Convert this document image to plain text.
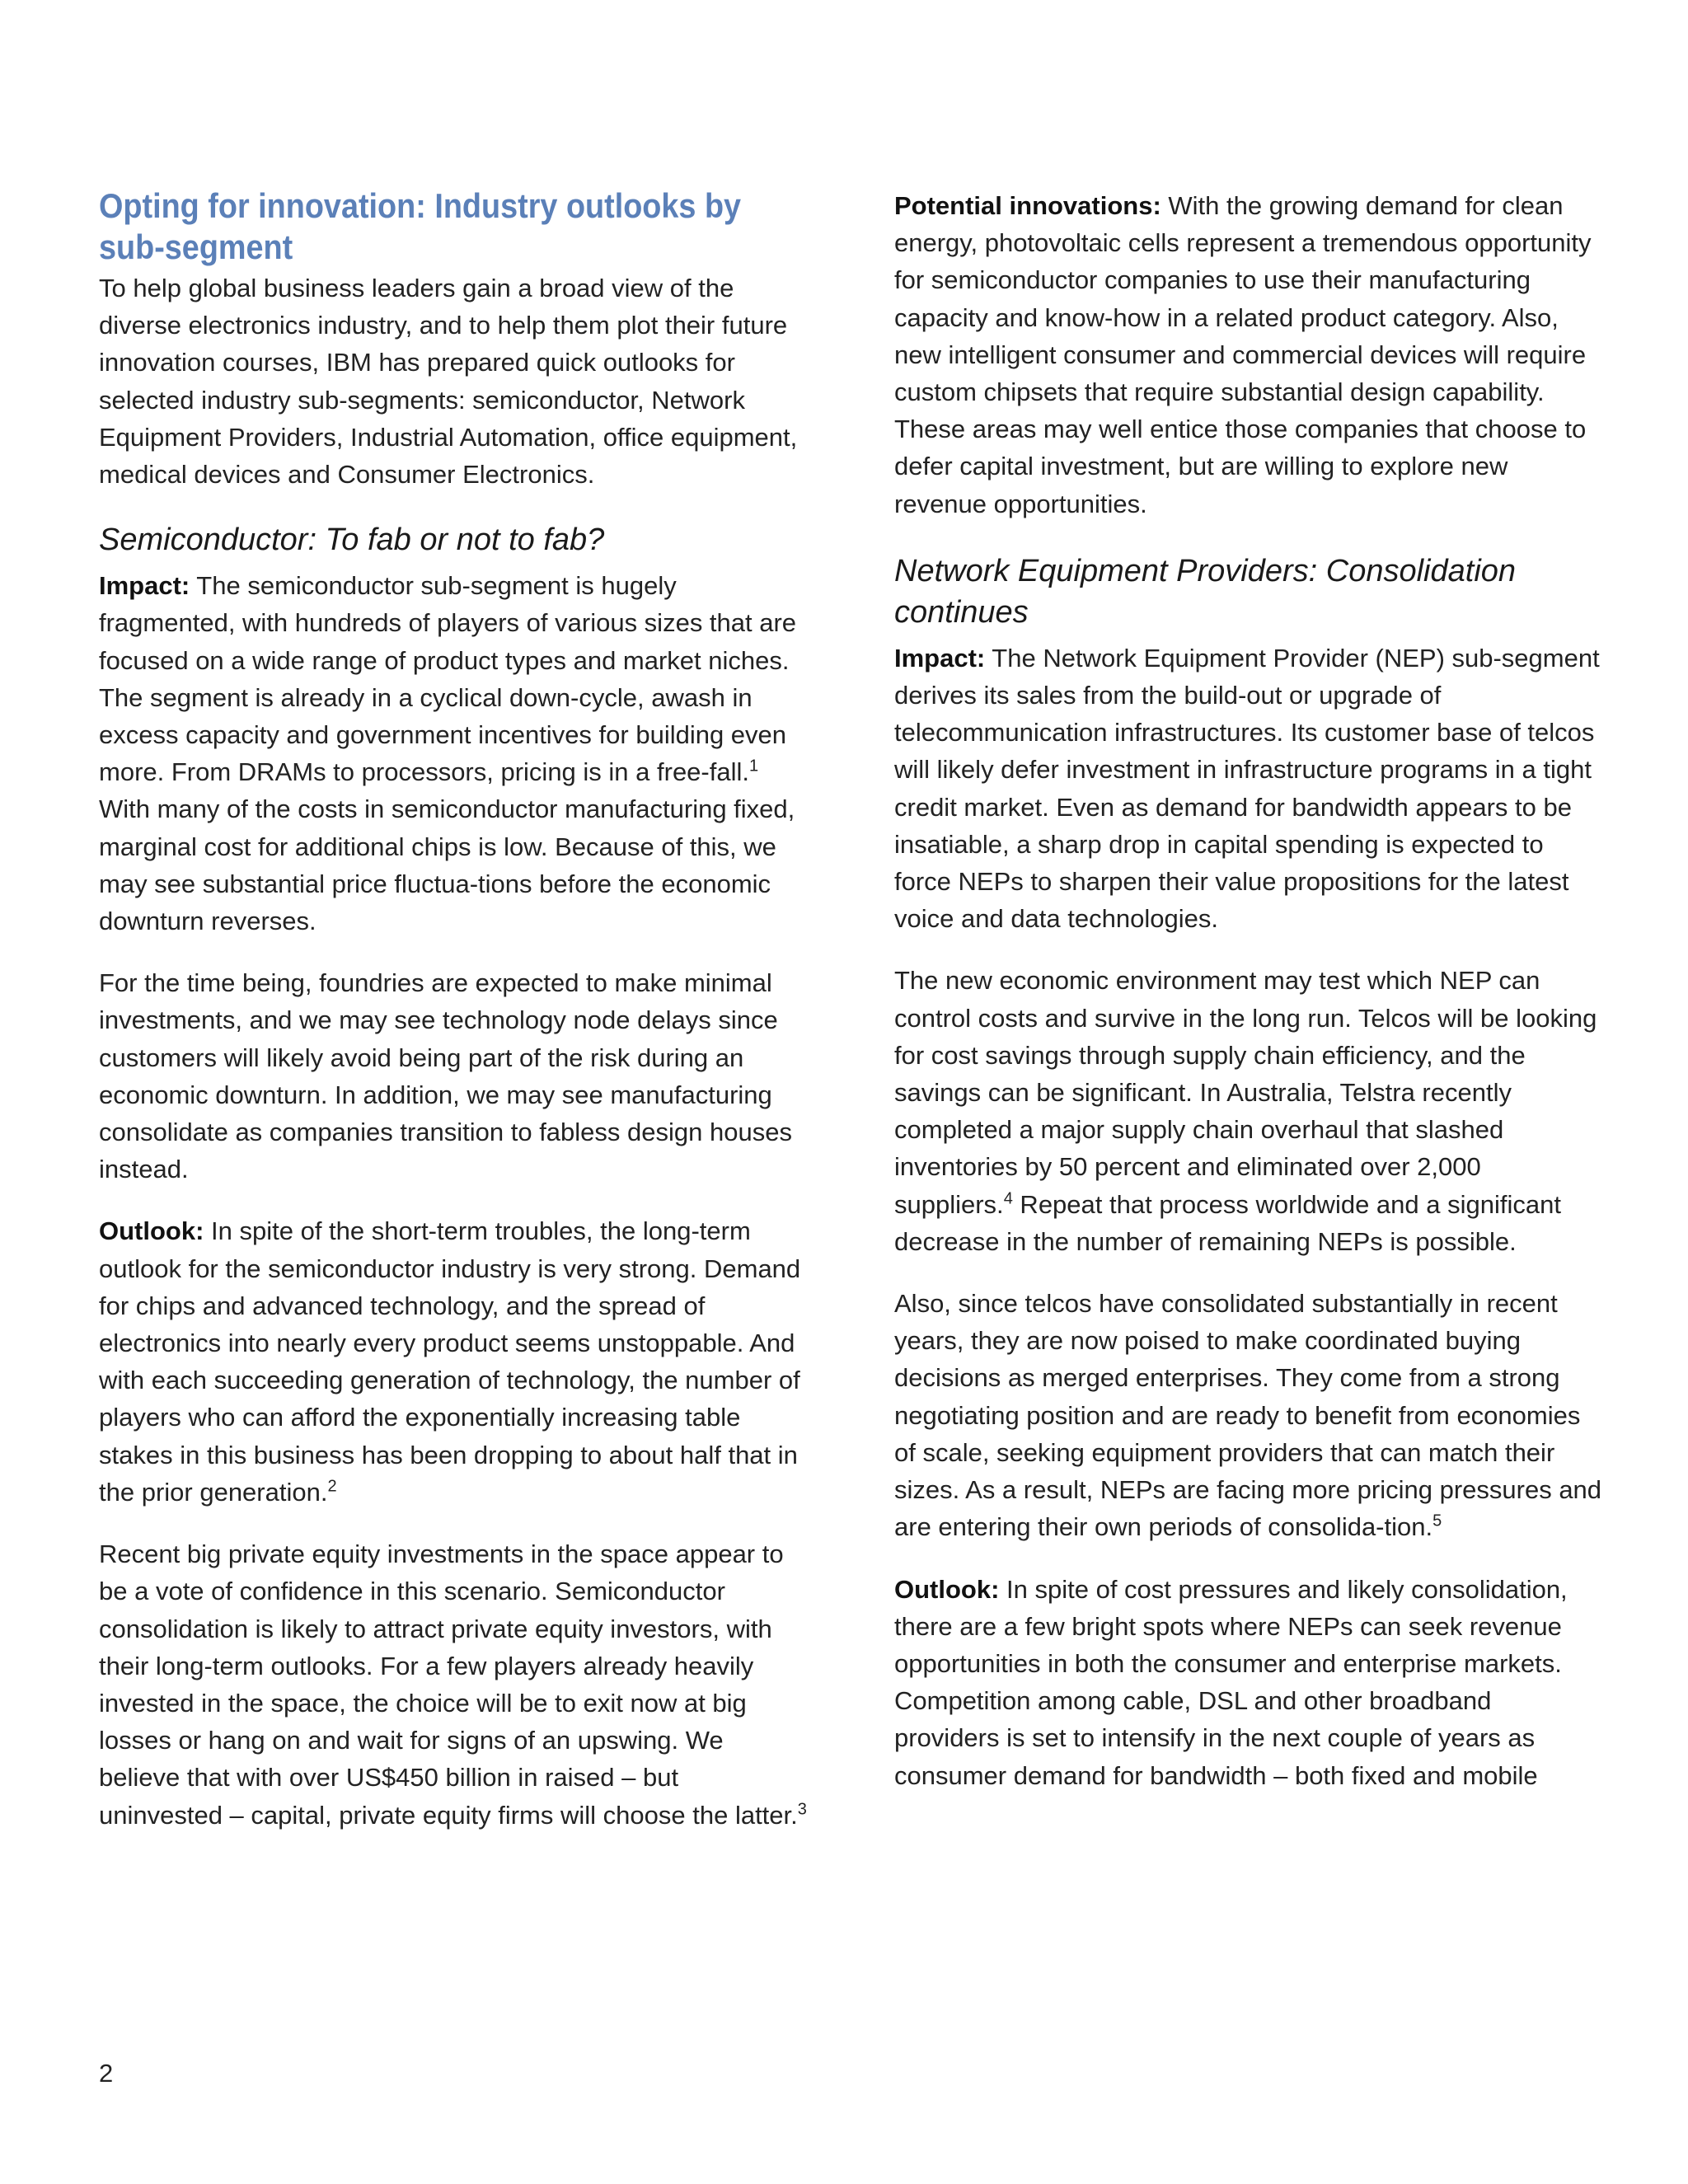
Opting for innovation: Industry outlooks by sub-segment

To help global business leaders gain a broad view of the diverse electronics industry, and to help them plot their future innovation courses, IBM has prepared quick outlooks for selected industry sub-segments: semiconductor, Network Equipment Providers, Industrial Automation, office equipment, medical devices and Consumer Electronics.

Semiconductor: To fab or not to fab?

Impact: The semiconductor sub-segment is hugely fragmented, with hundreds of players of various sizes that are focused on a wide range of product types and market niches. The segment is already in a cyclical down-cycle, awash in excess capacity and government incentives for building even more. From DRAMs to processors, pricing is in a free-fall.$^1$ With many of the costs in semiconductor manufacturing fixed, marginal cost for additional chips is low. Because of this, we may see substantial price fluctua-tions before the economic downturn reverses.

For the time being, foundries are expected to make minimal investments, and we may see technology node delays since customers will likely avoid being part of the risk during an economic downturn. In addition, we may see manufacturing consolidate as companies transition to fabless design houses instead.

Outlook: In spite of the short-term troubles, the long-term outlook for the semiconductor industry is very strong. Demand for chips and advanced technology, and the spread of electronics into nearly every product seems unstoppable. And with each succeeding generation of technology, the number of players who can afford the exponentially increasing table stakes in this business has been dropping to about half that in the prior generation.$^2$

Recent big private equity investments in the space appear to be a vote of confidence in this scenario. Semiconductor consolidation is likely to attract private equity investors, with their long-term outlooks. For a few players already heavily invested in the space, the choice will be to exit now at big losses or hang on and wait for signs of an upswing. We believe that with over US$450 billion in raised – but uninvested – capital, private equity firms will choose the latter.$^3$

Potential innovations: With the growing demand for clean energy, photovoltaic cells represent a tremendous opportunity for semiconductor companies to use their manufacturing capacity and know-how in a related product category. Also, new intelligent consumer and commercial devices will require custom chipsets that require substantial design capability. These areas may well entice those companies that choose to defer capital investment, but are willing to explore new revenue opportunities.

Network Equipment Providers: Consolidation continues

Impact: The Network Equipment Provider (NEP) sub-segment derives its sales from the build-out or upgrade of telecommunication infrastructures. Its customer base of telcos will likely defer investment in infrastructure programs in a tight credit market. Even as demand for bandwidth appears to be insatiable, a sharp drop in capital spending is expected to force NEPs to sharpen their value propositions for the latest voice and data technologies.

The new economic environment may test which NEP can control costs and survive in the long run. Telcos will be looking for cost savings through supply chain efficiency, and the savings can be significant. In Australia, Telstra recently completed a major supply chain overhaul that slashed inventories by 50 percent and eliminated over 2,000 suppliers.$^4$ Repeat that process worldwide and a significant decrease in the number of remaining NEPs is possible.

Also, since telcos have consolidated substantially in recent years, they are now poised to make coordinated buying decisions as merged enterprises. They come from a strong negotiating position and are ready to benefit from economies of scale, seeking equipment providers that can match their sizes. As a result, NEPs are facing more pricing pressures and are entering their own periods of consolida-tion.$^5$

Outlook: In spite of cost pressures and likely consolidation, there are a few bright spots where NEPs can seek revenue opportunities in both the consumer and enterprise markets. Competition among cable, DSL and other broadband providers is set to intensify in the next couple of years as consumer demand for bandwidth – both fixed and mobile

2
